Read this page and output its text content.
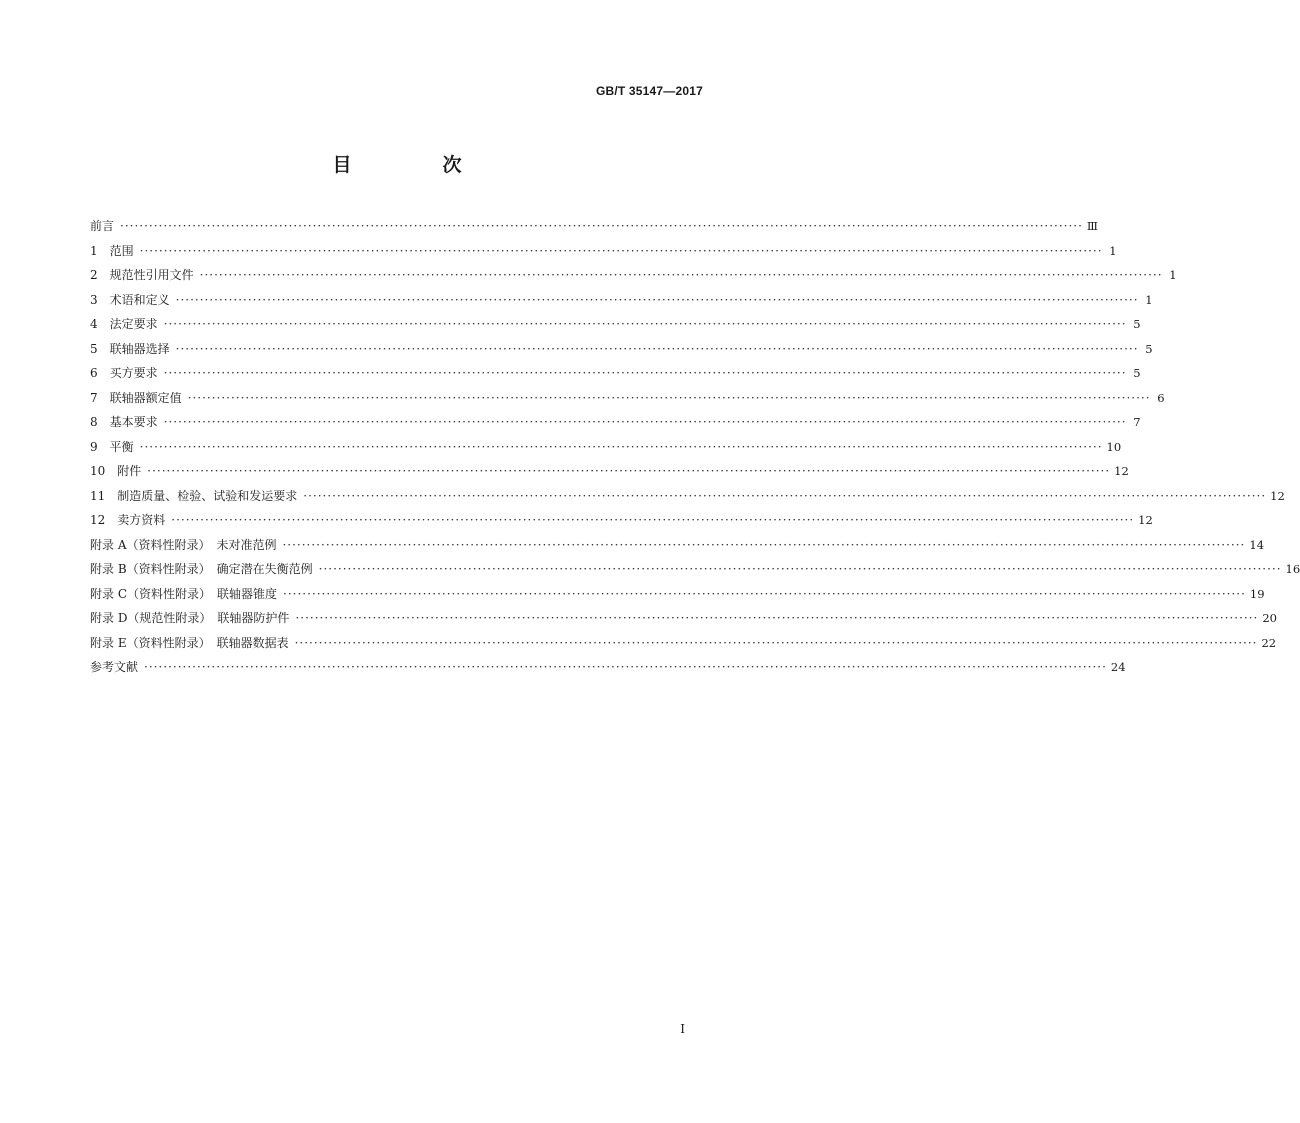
GB/T 35147—2017
目　次
前言 ········································································································································································································ Ⅲ
1　范围 ········································································································································································································ 1
2　规范性引用文件 ········································································································································································································ 1
3　术语和定义 ········································································································································································································ 1
4　法定要求 ········································································································································································································ 5
5　联轴器选择 ········································································································································································································ 5
6　买方要求 ········································································································································································································ 5
7　联轴器额定值 ········································································································································································································ 6
8　基本要求 ········································································································································································································ 7
9　平衡 ········································································································································································································ 10
10　附件 ········································································································································································································ 12
11　制造质量、检验、试验和发运要求 ········································································································································································································ 12
12　卖方资料 ········································································································································································································ 12
附录 A（资料性附录）　未对准范例 ········································································································································································································ 14
附录 B（资料性附录）　确定潜在失衡范例 ········································································································································································································ 16
附录 C（资料性附录）　联轴器锥度 ········································································································································································································ 19
附录 D（规范性附录）　联轴器防护件 ········································································································································································································ 20
附录 E（资料性附录）　联轴器数据表 ········································································································································································································ 22
参考文献 ········································································································································································································ 24
I
